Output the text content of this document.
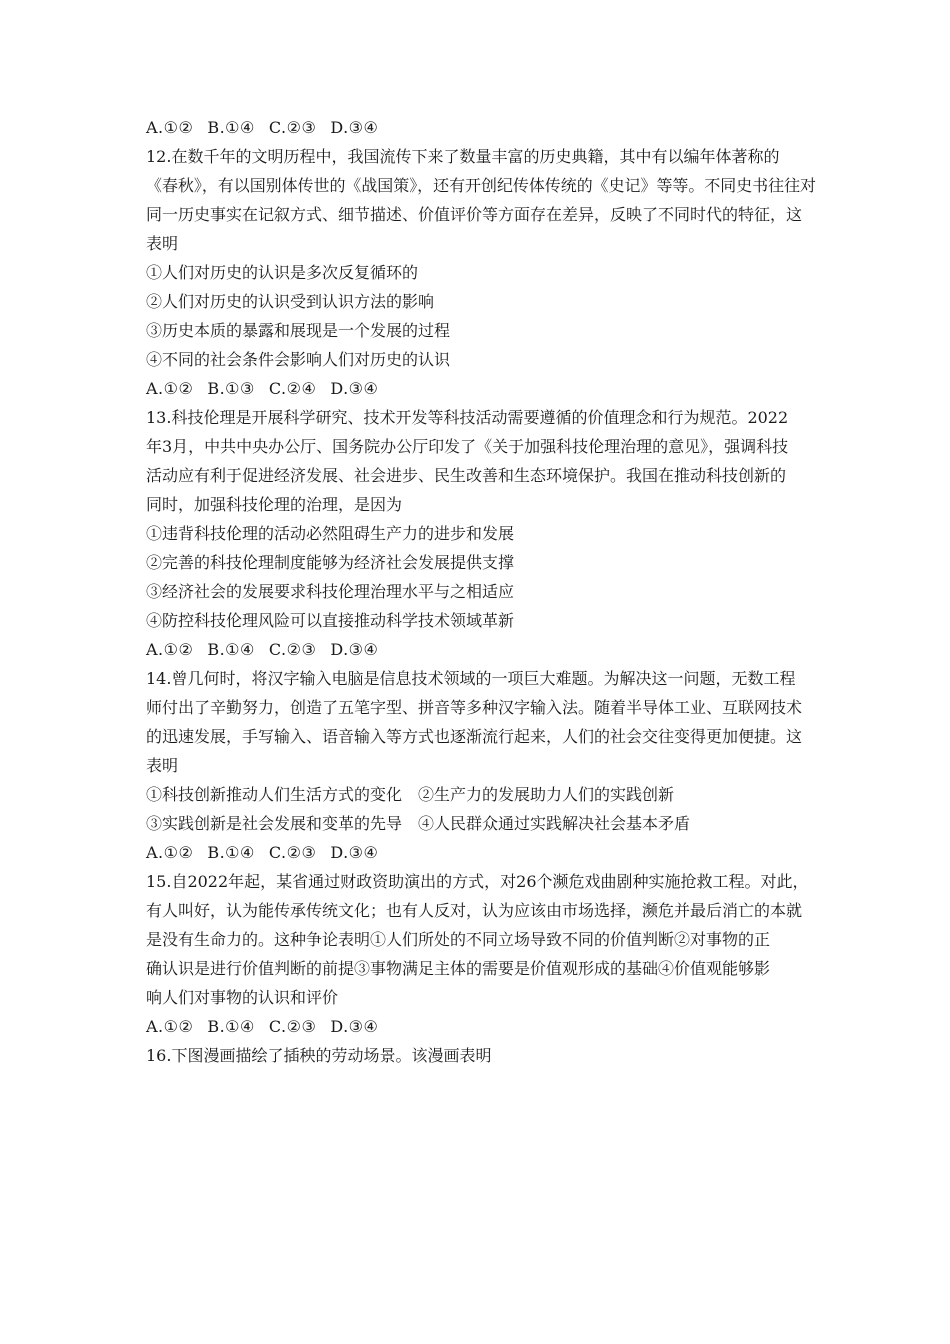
A.①② B.①④ C.②③ D.③④
12.在数千年的文明历程中，我国流传下来了数量丰富的历史典籍，其中有以编年体著称的
《春秋》，有以国别体传世的《战国策》，还有开创纪传体传统的《史记》等等。不同史书往往对
同一历史事实在记叙方式、细节描述、价值评价等方面存在差异，反映了不同时代的特征，这
表明
①人们对历史的认识是多次反复循环的
②人们对历史的认识受到认识方法的影响
③历史本质的暴露和展现是一个发展的过程
④不同的社会条件会影响人们对历史的认识
A.①② B.①③ C.②④ D.③④
13.科技伦理是开展科学研究、技术开发等科技活动需要遵循的价值理念和行为规范。2022
年3月，中共中央办公厅、国务院办公厅印发了《关于加强科技伦理治理的意见》，强调科技
活动应有利于促进经济发展、社会进步、民生改善和生态环境保护。我国在推动科技创新的
同时，加强科技伦理的治理，是因为
①违背科技伦理的活动必然阻碍生产力的进步和发展
②完善的科技伦理制度能够为经济社会发展提供支撑
③经济社会的发展要求科技伦理治理水平与之相适应
④防控科技伦理风险可以直接推动科学技术领域革新
A.①② B.①④ C.②③ D.③④
14.曾几何时，将汉字输入电脑是信息技术领域的一项巨大难题。为解决这一问题，无数工程
师付出了辛勤努力，创造了五笔字型、拼音等多种汉字输入法。随着半导体工业、互联网技术
的迅速发展，手写输入、语音输入等方式也逐渐流行起来，人们的社会交往变得更加便捷。这
表明
①科技创新推动人们生活方式的变化　②生产力的发展助力人们的实践创新
③实践创新是社会发展和变革的先导　④人民群众通过实践解决社会基本矛盾
A.①② B.①④ C.②③ D.③④
15.自2022年起，某省通过财政资助演出的方式，对26个濒危戏曲剧种实施抢救工程。对此，
有人叫好，认为能传承传统文化；也有人反对，认为应该由市场选择，濒危并最后消亡的本就
是没有生命力的。这种争论表明①人们所处的不同立场导致不同的价值判断②对事物的正
确认识是进行价值判断的前提③事物满足主体的需要是价值观形成的基础④价值观能够影
响人们对事物的认识和评价
A.①② B.①④ C.②③ D.③④
16.下图漫画描绘了插秧的劳动场景。该漫画表明
